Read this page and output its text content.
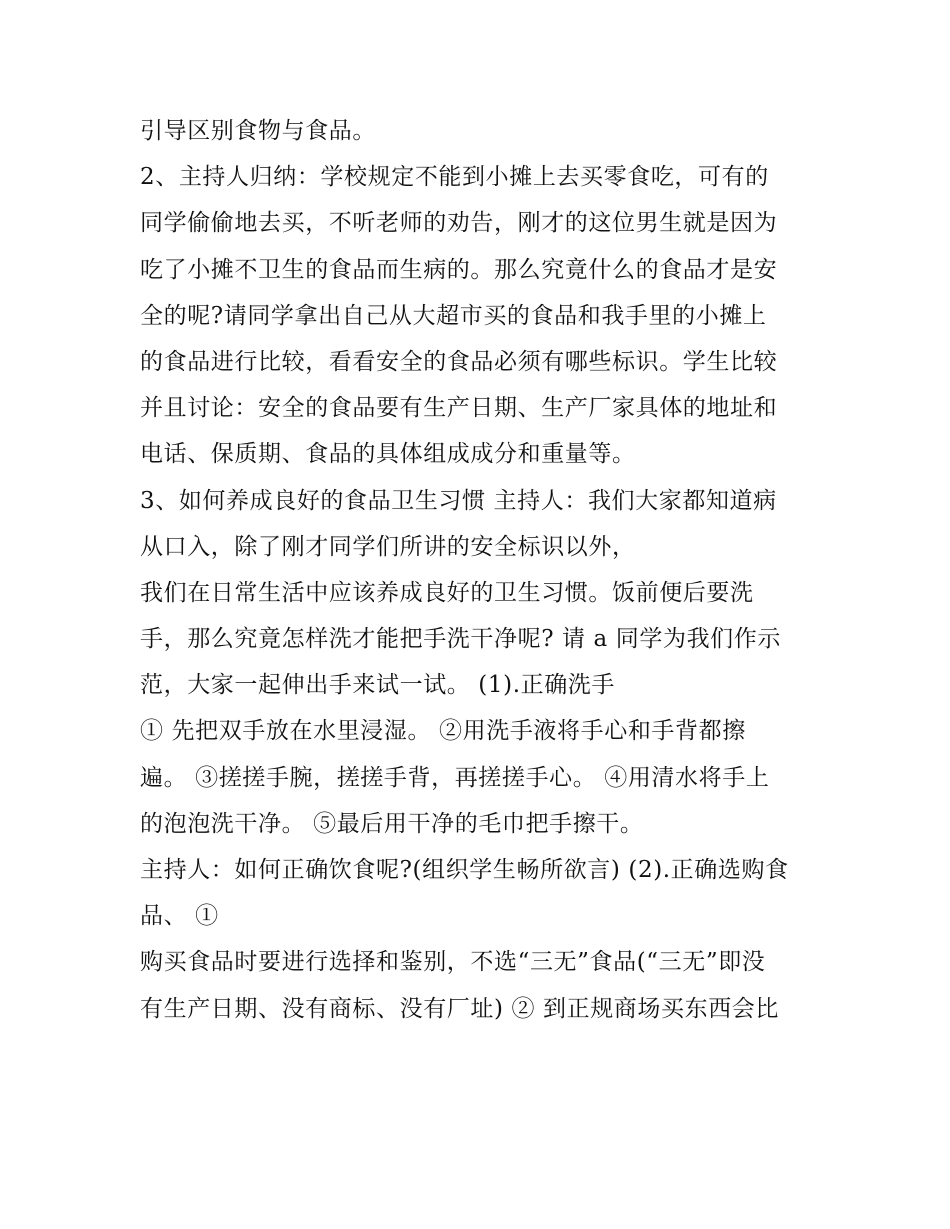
引导区别食物与食品。
2、主持人归纳：学校规定不能到小摊上去买零食吃，可有的
同学偷偷地去买，不听老师的劝告，刚才的这位男生就是因为
吃了小摊不卫生的食品而生病的。那么究竟什么的食品才是安
全的呢?请同学拿出自己从大超市买的食品和我手里的小摊上
的食品进行比较，看看安全的食品必须有哪些标识。学生比较
并且讨论：安全的食品要有生产日期、生产厂家具体的地址和
电话、保质期、食品的具体组成成分和重量等。
3、如何养成良好的食品卫生习惯 主持人：我们大家都知道病
从口入，除了刚才同学们所讲的安全标识以外，
我们在日常生活中应该养成良好的卫生习惯。饭前便后要洗
手，那么究竟怎样洗才能把手洗干净呢? 请 a 同学为我们作示
范，大家一起伸出手来试一试。 (1).正确洗手
① 先把双手放在水里浸湿。 ②用洗手液将手心和手背都擦
遍。 ③搓搓手腕，搓搓手背，再搓搓手心。 ④用清水将手上
的泡泡洗干净。 ⑤最后用干净的毛巾把手擦干。
主持人：如何正确饮食呢?(组织学生畅所欲言) (2).正确选购食
品、 ①
购买食品时要进行选择和鉴别，不选“三无”食品(“三无”即没
有生产日期、没有商标、没有厂址) ② 到正规商场买东西会比
